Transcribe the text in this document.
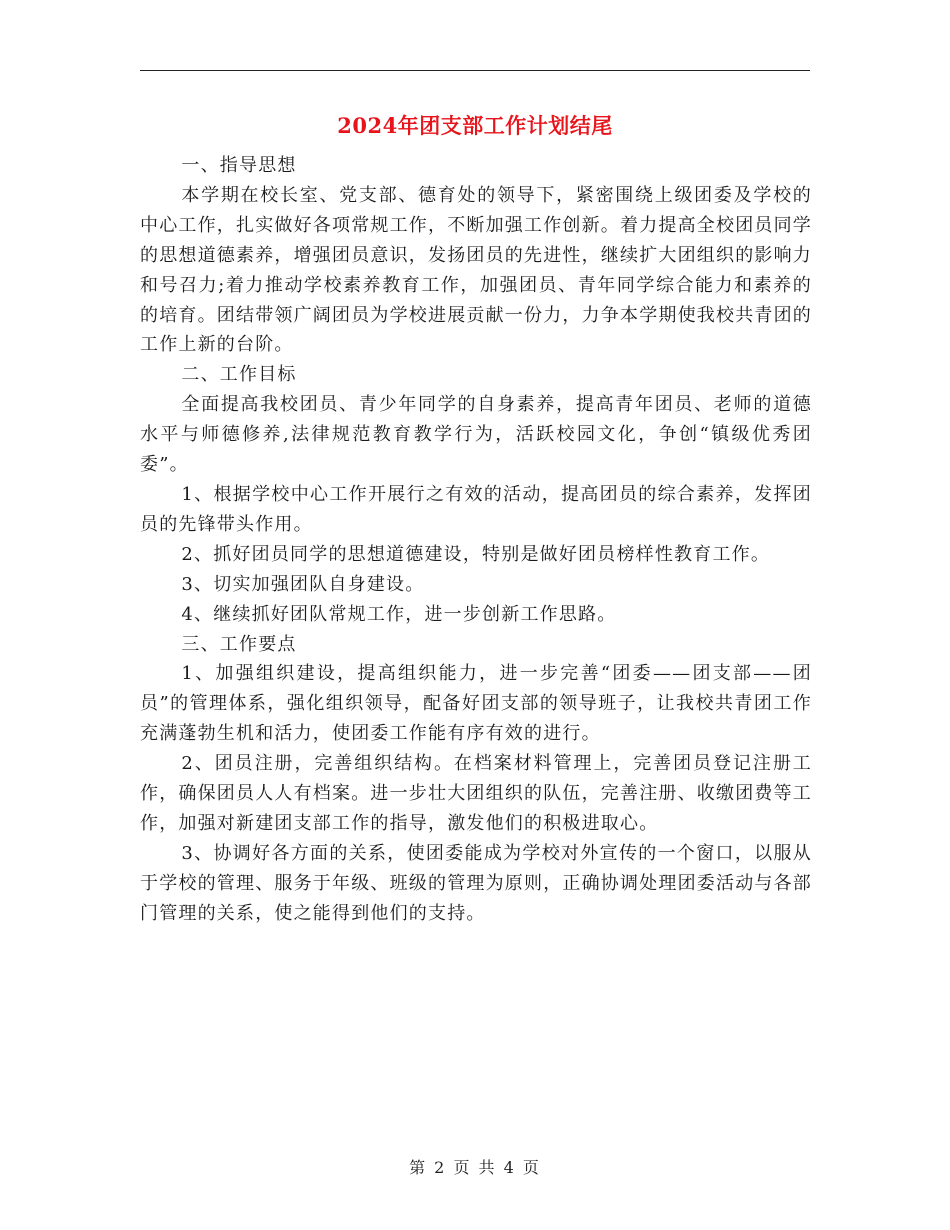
2024年团支部工作计划结尾

一、指导思想

本学期在校长室、党支部、德育处的领导下，紧密围绕上级团委及学校的中心工作，扎实做好各项常规工作，不断加强工作创新。着力提高全校团员同学的思想道德素养，增强团员意识，发扬团员的先进性，继续扩大团组织的影响力和号召力;着力推动学校素养教育工作，加强团员、青年同学综合能力和素养的的培育。团结带领广阔团员为学校进展贡献一份力，力争本学期使我校共青团的工作上新的台阶。

二、工作目标

全面提高我校团员、青少年同学的自身素养，提高青年团员、老师的道德水平与师德修养,法律规范教育教学行为，活跃校园文化，争创“镇级优秀团委”。

1、根据学校中心工作开展行之有效的活动，提高团员的综合素养，发挥团员的先锋带头作用。

2、抓好团员同学的思想道德建设，特别是做好团员榜样性教育工作。

3、切实加强团队自身建设。

4、继续抓好团队常规工作，进一步创新工作思路。

三、工作要点

1、加强组织建设，提高组织能力，进一步完善“团委——团支部——团员”的管理体系，强化组织领导，配备好团支部的领导班子，让我校共青团工作充满蓬勃生机和活力，使团委工作能有序有效的进行。

2、团员注册，完善组织结构。在档案材料管理上，完善团员登记注册工作，确保团员人人有档案。进一步壮大团组织的队伍，完善注册、收缴团费等工作，加强对新建团支部工作的指导，激发他们的积极进取心。

3、协调好各方面的关系，使团委能成为学校对外宣传的一个窗口，以服从于学校的管理、服务于年级、班级的管理为原则，正确协调处理团委活动与各部门管理的关系，使之能得到他们的支持。

第 2 页 共 4 页
